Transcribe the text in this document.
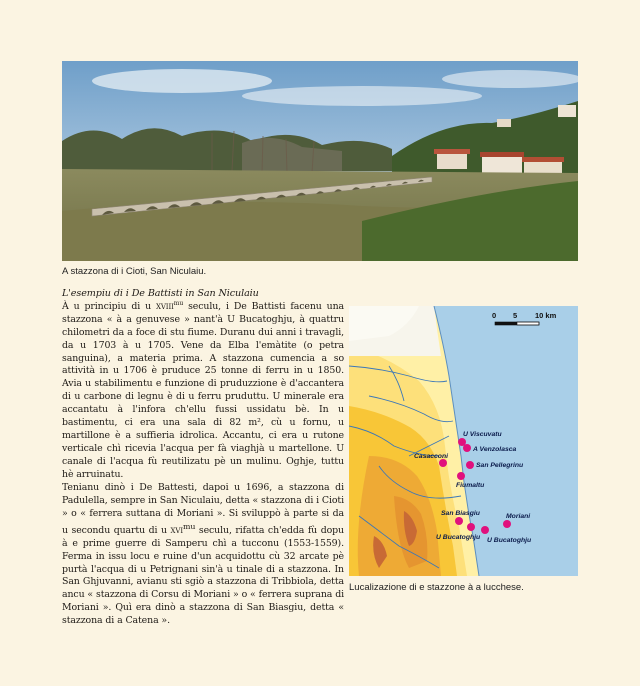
A stazzona di i Cioti, San Niculaiu.

L'esempiu di i De Battisti in San Niculaiu

À u principiu di u $XVIII^{mu}$ seculu, i De Battisti facenu una stazzona « à a genuvese » nant'à U Bucatoghju, à quattru chilometri da a foce di stu fiume. Duranu dui anni i travagli, da u 1703 à u 1705. Vene da Elba l'emàtite (o petra sanguina), a materia prima. A stazzona cumencia a so attività in u 1706 è pruduce 25 tonne di ferru in u 1850. Avia u stabilimentu e funzione di pruduzzione è d'accantera di u carbone di legnu è di u ferru pruduttu. U minerale era accantatu à l'infora ch'ellu fussi ussidatu bè. In u bastimentu, ci era una sala di 82 m², cù u fornu, u martillone è a suffieria idrolica. Accantu, ci era u rutone verticale chì ricevia l'acqua per fà viaghjà u martellone. U canale di l'acqua fù reutilizatu pè un mulinu. Oghje, tuttu hè arruinatu.

Tenianu dinò i De Battesti, dapoi u 1696, a stazzona di Padulella, sempre in San Niculaiu, detta « stazzona di i Cioti » o « ferrera suttana di Moriani ». Si sviluppò à parte si da u secondu quartu di u $XVI^{mu}$ seculu, rifatta ch'edda fù dopu à e prime guerre di Samperu chì a tucconu (1553-1559). Ferma in issu locu e ruine d'un acquidottu cù 32 arcate pè purtà l'acqua di u Petrignani sin'à u tinale di a stazzona. In San Ghjuvanni, avianu sti sgiò a stazzona di Tribbiola, detta ancu « stazzona di Corsu di Moriani » o « ferrera suprana di Moriani ». Quì era dinò a stazzona di San Biasgiu, detta « stazzona di a Catena ».

0 5 10 km
U Viscuvatu
A Venzolasca
Casacconi
San Pellegrinu
Fiumaltu
San Biasgiu	Moriani
U Bucatoghju U Bucatoghju
Lucalizazione di e stazzone à a lucchese.
